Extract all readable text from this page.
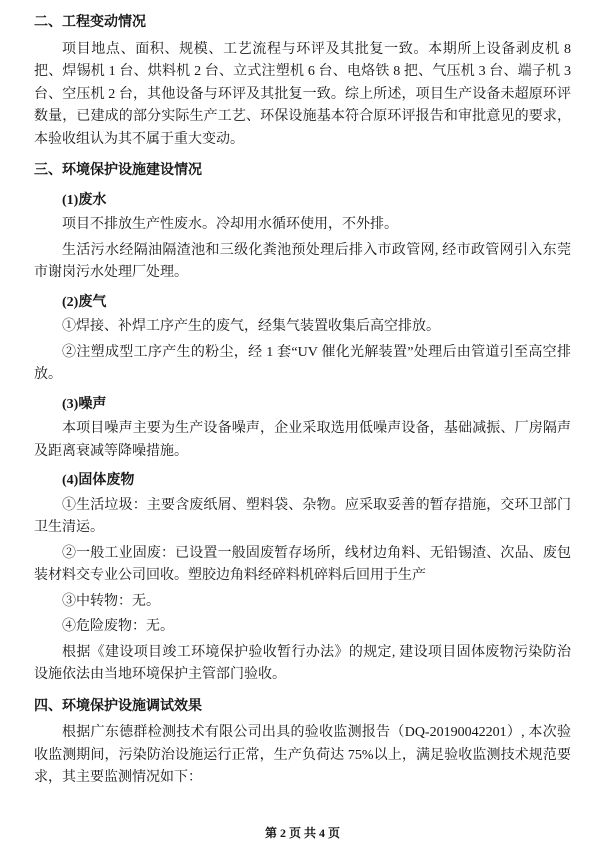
二、工程变动情况

项目地点、面积、规模、工艺流程与环评及其批复一致。本期所上设备剥皮机 8 把、焊锡机 1 台、烘料机 2 台、立式注塑机 6 台、电烙铁 8 把、气压机 3 台、端子机 3 台、空压机 2 台，其他设备与环评及其批复一致。综上所述，项目生产设备未超原环评数量，已建成的部分实际生产工艺、环保设施基本符合原环评报告和审批意见的要求，本验收组认为其不属于重大变动。

三、环境保护设施建设情况
(1)废水

项目不排放生产性废水。冷却用水循环使用，不外排。

生活污水经隔油隔渣池和三级化粪池预处理后排入市政管网, 经市政管网引入东莞市谢岗污水处理厂处理。

(2)废气

①焊接、补焊工序产生的废气，经集气装置收集后高空排放。

②注塑成型工序产生的粉尘，经 1 套“UV 催化光解装置”处理后由管道引至高空排放。

(3)噪声

本项目噪声主要为生产设备噪声，企业采取选用低噪声设备，基础减振、厂房隔声及距离衰减等降噪措施。

(4)固体废物

①生活垃圾：主要含废纸屑、塑料袋、杂物。应采取妥善的暂存措施，交环卫部门卫生清运。

②一般工业固废：已设置一般固废暂存场所，线材边角料、无铅锡渣、次品、废包装材料交专业公司回收。塑胶边角料经碎料机碎料后回用于生产

③中转物：无。

④危险废物：无。

根据《建设项目竣工环境保护验收暂行办法》的规定, 建设项目固体废物污染防治设施依法由当地环境保护主管部门验收。

四、环境保护设施调试效果

根据广东德群检测技术有限公司出具的验收监测报告（DQ-20190042201）, 本次验收监测期间，污染防治设施运行正常，生产负荷达 75%以上，满足验收监测技术规范要求，其主要监测情况如下：

第 2 页 共 4 页
